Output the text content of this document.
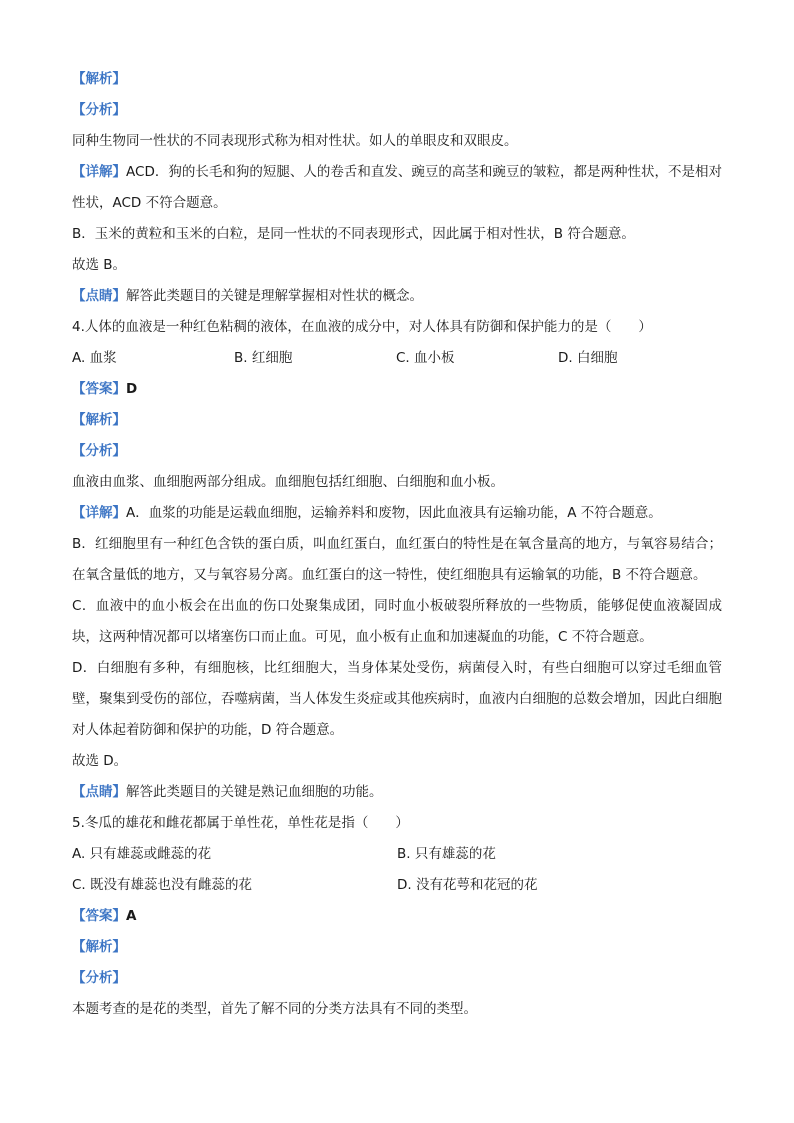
【解析】
【分析】
同种生物同一性状的不同表现形式称为相对性状。如人的单眼皮和双眼皮。
【详解】ACD．狗的长毛和狗的短腿、人的卷舌和直发、豌豆的高茎和豌豆的皱粒，都是两种性状，不是相对性状，ACD 不符合题意。
B．玉米的黄粒和玉米的白粒，是同一性状的不同表现形式，因此属于相对性状，B 符合题意。
故选 B。
【点睛】解答此类题目的关键是理解掌握相对性状的概念。
4.人体的血液是一种红色粘稠的液体，在血液的成分中，对人体具有防御和保护能力的是（　　）
A. 血浆	B. 红细胞	C. 血小板	D. 白细胞
【答案】D
【解析】
【分析】
血液由血浆、血细胞两部分组成。血细胞包括红细胞、白细胞和血小板。
【详解】A．血浆的功能是运载血细胞，运输养料和废物，因此血液具有运输功能，A 不符合题意。
B．红细胞里有一种红色含铁的蛋白质，叫血红蛋白，血红蛋白的特性是在氧含量高的地方，与氧容易结合；在氧含量低的地方，又与氧容易分离。血红蛋白的这一特性，使红细胞具有运输氧的功能，B 不符合题意。
C．血液中的血小板会在出血的伤口处聚集成团，同时血小板破裂所释放的一些物质，能够促使血液凝固成块，这两种情况都可以堵塞伤口而止血。可见，血小板有止血和加速凝血的功能，C 不符合题意。
D．白细胞有多种，有细胞核，比红细胞大，当身体某处受伤，病菌侵入时，有些白细胞可以穿过毛细血管壁，聚集到受伤的部位，吞噬病菌，当人体发生炎症或其他疾病时，血液内白细胞的总数会增加，因此白细胞对人体起着防御和保护的功能，D 符合题意。
故选 D。
【点睛】解答此类题目的关键是熟记血细胞的功能。
5.冬瓜的雄花和雌花都属于单性花，单性花是指（　　）
A. 只有雄蕊或雌蕊的花	B. 只有雄蕊的花
C. 既没有雄蕊也没有雌蕊的花	D. 没有花萼和花冠的花
【答案】A
【解析】
【分析】
本题考查的是花的类型，首先了解不同的分类方法具有不同的类型。
